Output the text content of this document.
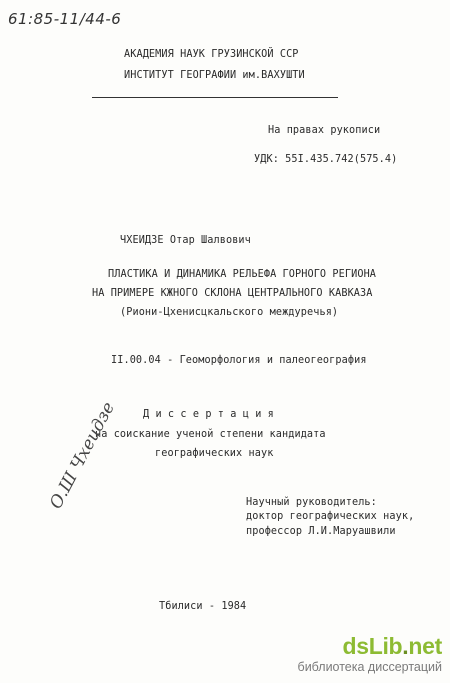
61:85-11/44-6
АКАДЕМИЯ НАУК ГРУЗИНСКОЙ ССР
ИНСТИТУТ ГЕОГРАФИИ им.ВАХУШТИ
На правах рукописи
УДК: 55I.435.742(575.4)
ЧХЕИДЗЕ Отар Шалвович
ПЛАСТИКА И ДИНАМИКА РЕЛЬЕФА ГОРНОГО РЕГИОНА
НА ПРИМЕРЕ КЖНОГО СКЛОНА ЦЕНТРАЛЬНОГО КАВКАЗА
(Риони-Цхенисцкальского междуречья)
II.00.04 - Геоморфология и палеогеография
Д и с с е р т а ц и я
на соискание ученой степени кандидата
географических наук
О.Ш Чхеидзе	Научный руководитель:
доктор географических наук,
профессор Л.И.Маруашвили
Тбилиси - 1984
dsLib.net
библиотека диссертаций
